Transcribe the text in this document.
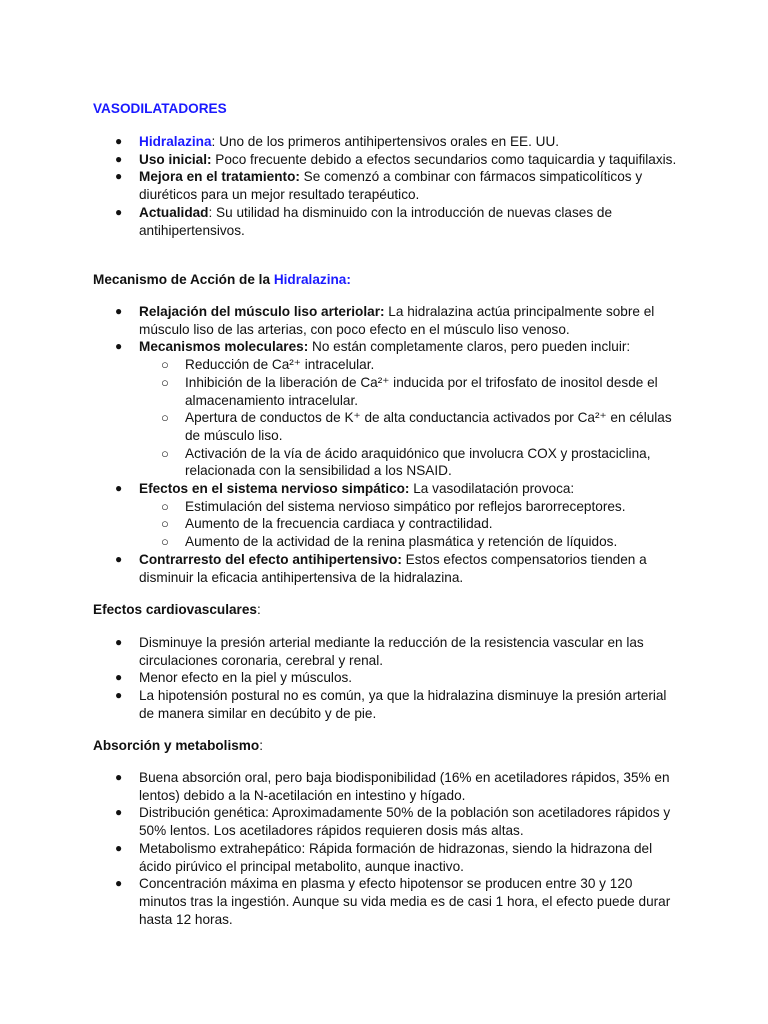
VASODILATADORES
● Hidralazina: Uno de los primeros antihipertensivos orales en EE. UU.
● Uso inicial: Poco frecuente debido a efectos secundarios como taquicardia y taquifilaxis.
● Mejora en el tratamiento: Se comenzó a combinar con fármacos simpaticolíticos y diuréticos para un mejor resultado terapéutico.
● Actualidad: Su utilidad ha disminuido con la introducción de nuevas clases de antihipertensivos.
Mecanismo de Acción de la Hidralazina:
● Relajación del músculo liso arteriolar: La hidralazina actúa principalmente sobre el músculo liso de las arterias, con poco efecto en el músculo liso venoso.
● Mecanismos moleculares: No están completamente claros, pero pueden incluir:
○ Reducción de Ca²⁺ intracelular.
○ Inhibición de la liberación de Ca²⁺ inducida por el trifosfato de inositol desde el almacenamiento intracelular.
○ Apertura de conductos de K⁺ de alta conductancia activados por Ca²⁺ en células de músculo liso.
○ Activación de la vía de ácido araquidónico que involucra COX y prostaciclina, relacionada con la sensibilidad a los NSAID.
● Efectos en el sistema nervioso simpático: La vasodilatación provoca:
○ Estimulación del sistema nervioso simpático por reflejos barorreceptores.
○ Aumento de la frecuencia cardiaca y contractilidad.
○ Aumento de la actividad de la renina plasmática y retención de líquidos.
● Contrarresto del efecto antihipertensivo: Estos efectos compensatorios tienden a disminuir la eficacia antihipertensiva de la hidralazina.
Efectos cardiovasculares:
● Disminuye la presión arterial mediante la reducción de la resistencia vascular en las circulaciones coronaria, cerebral y renal.
● Menor efecto en la piel y músculos.
● La hipotensión postural no es común, ya que la hidralazina disminuye la presión arterial de manera similar en decúbito y de pie.
Absorción y metabolismo:
● Buena absorción oral, pero baja biodisponibilidad (16% en acetiladores rápidos, 35% en lentos) debido a la N-acetilación en intestino y hígado.
● Distribución genética: Aproximadamente 50% de la población son acetiladores rápidos y 50% lentos. Los acetiladores rápidos requieren dosis más altas.
● Metabolismo extrahepático: Rápida formación de hidrazonas, siendo la hidrazona del ácido pirúvico el principal metabolito, aunque inactivo.
● Concentración máxima en plasma y efecto hipotensor se producen entre 30 y 120 minutos tras la ingestión. Aunque su vida media es de casi 1 hora, el efecto puede durar hasta 12 horas.
